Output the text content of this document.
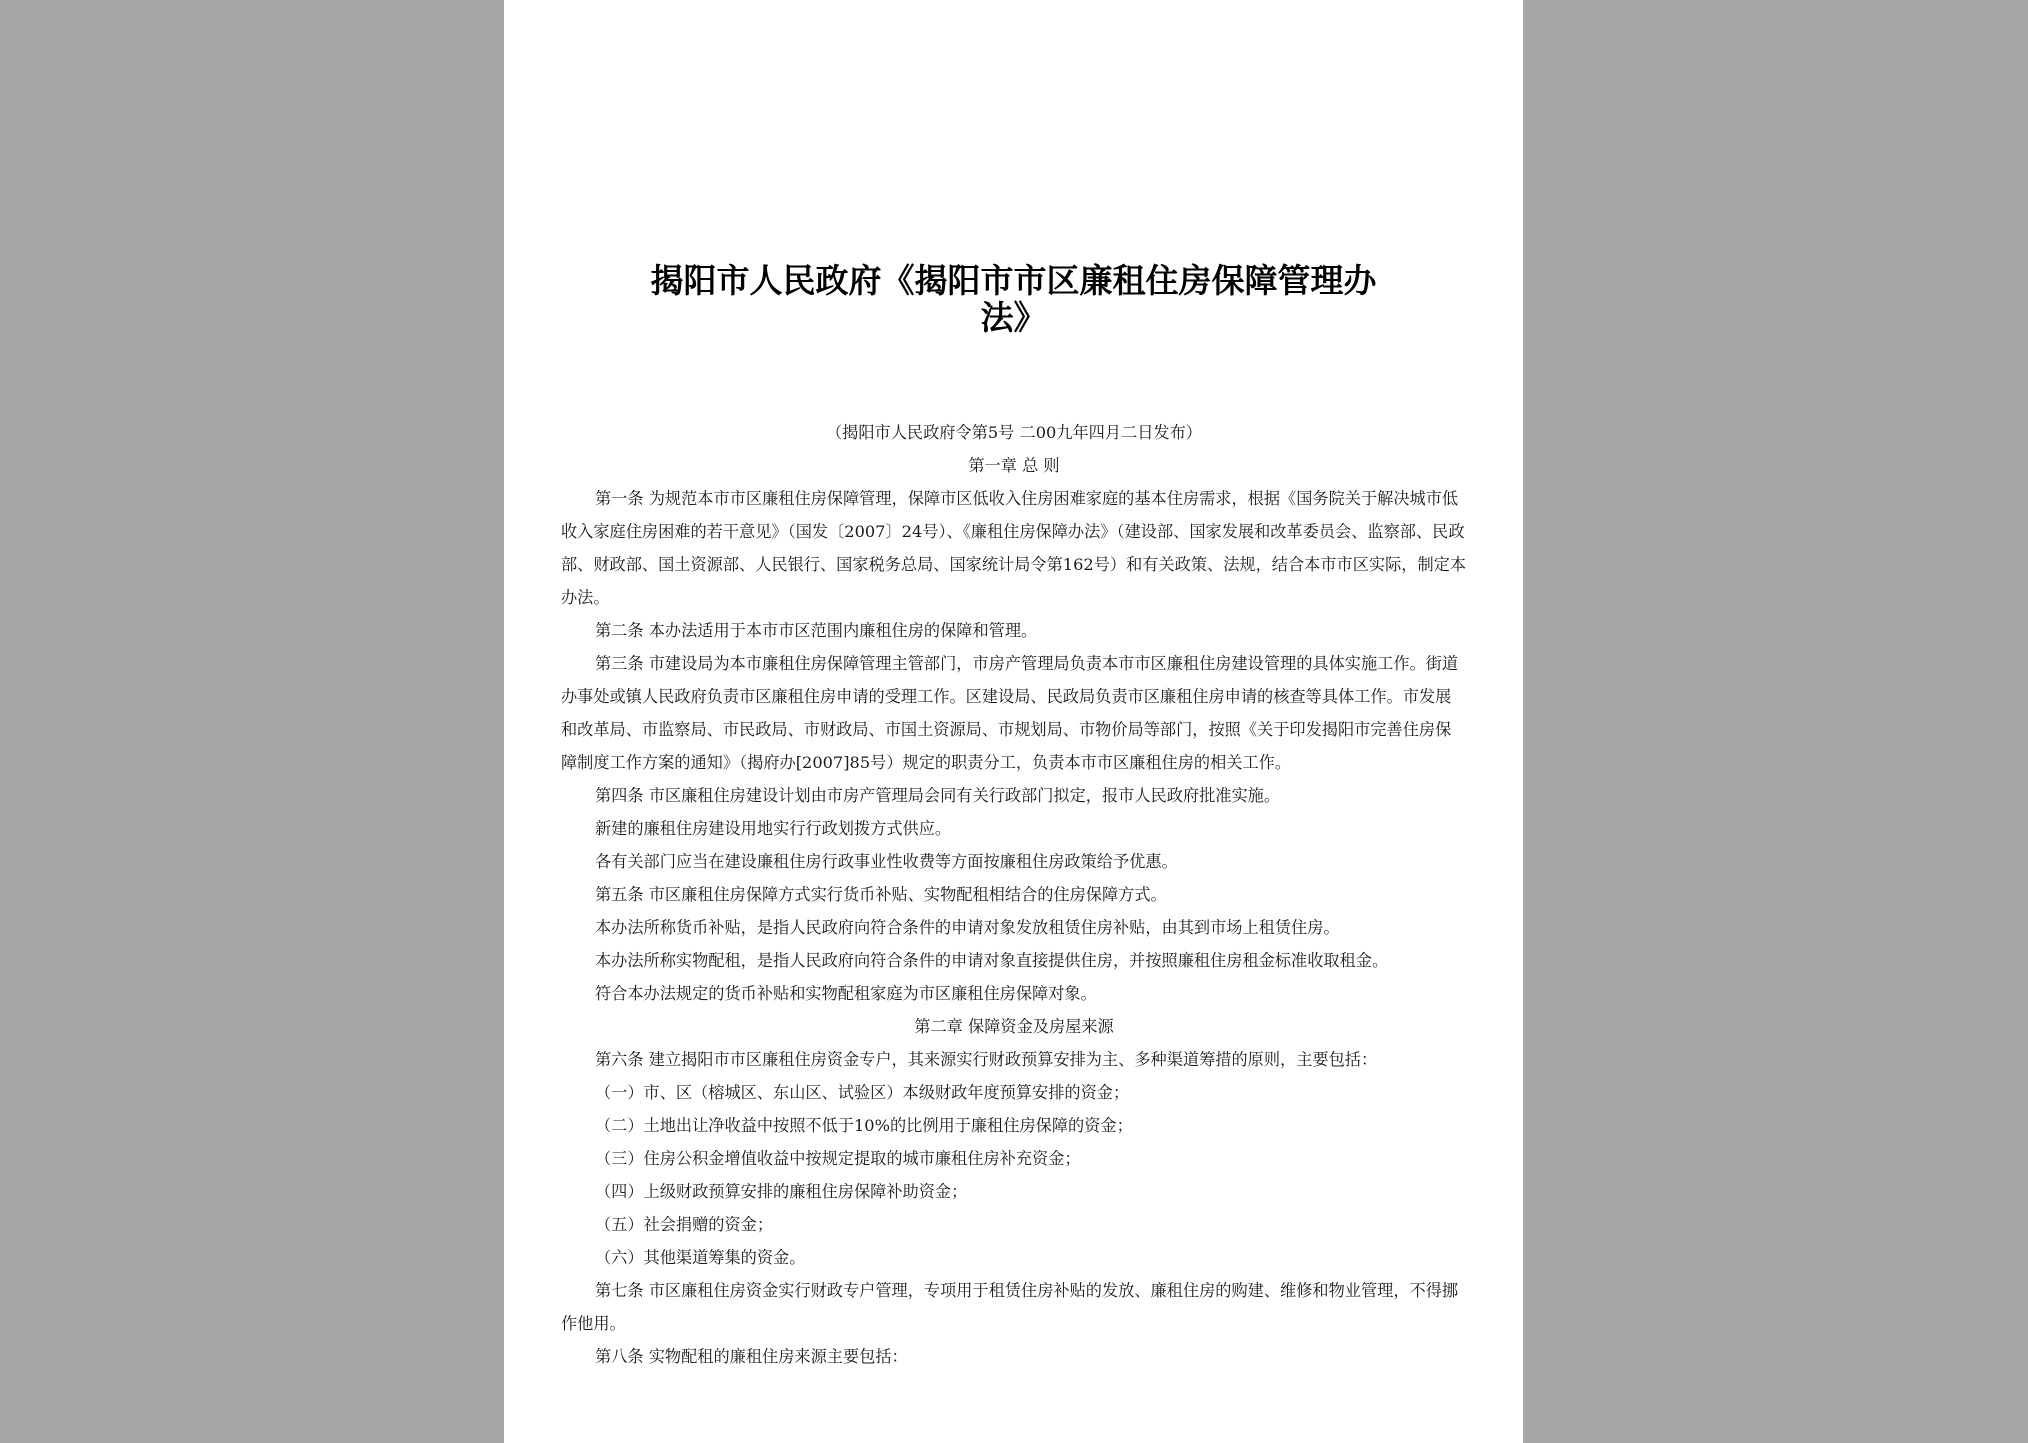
揭阳市人民政府《揭阳市市区廉租住房保障管理办
法》

（揭阳市人民政府令第5号 二00九年四月二日发布）

第一章 总 则

第一条 为规范本市市区廉租住房保障管理，保障市区低收入住房困难家庭的基本住房需求，根据《国务院关于解决城市低收入家庭住房困难的若干意见》（国发〔2007〕24号）、《廉租住房保障办法》（建设部、国家发展和改革委员会、监察部、民政部、财政部、国土资源部、人民银行、国家税务总局、国家统计局令第162号）和有关政策、法规，结合本市市区实际，制定本办法。

第二条 本办法适用于本市市区范围内廉租住房的保障和管理。

第三条 市建设局为本市廉租住房保障管理主管部门，市房产管理局负责本市市区廉租住房建设管理的具体实施工作。街道办事处或镇人民政府负责市区廉租住房申请的受理工作。区建设局、民政局负责市区廉租住房申请的核查等具体工作。市发展和改革局、市监察局、市民政局、市财政局、市国土资源局、市规划局、市物价局等部门，按照《关于印发揭阳市完善住房保障制度工作方案的通知》（揭府办[2007]85号）规定的职责分工，负责本市市区廉租住房的相关工作。

第四条 市区廉租住房建设计划由市房产管理局会同有关行政部门拟定，报市人民政府批准实施。

新建的廉租住房建设用地实行行政划拨方式供应。

各有关部门应当在建设廉租住房行政事业性收费等方面按廉租住房政策给予优惠。

第五条 市区廉租住房保障方式实行货币补贴、实物配租相结合的住房保障方式。

本办法所称货币补贴，是指人民政府向符合条件的申请对象发放租赁住房补贴，由其到市场上租赁住房。

本办法所称实物配租，是指人民政府向符合条件的申请对象直接提供住房，并按照廉租住房租金标准收取租金。

符合本办法规定的货币补贴和实物配租家庭为市区廉租住房保障对象。

第二章 保障资金及房屋来源

第六条 建立揭阳市市区廉租住房资金专户，其来源实行财政预算安排为主、多种渠道筹措的原则，主要包括：

（一）市、区（榕城区、东山区、试验区）本级财政年度预算安排的资金；

（二）土地出让净收益中按照不低于10%的比例用于廉租住房保障的资金；

（三）住房公积金增值收益中按规定提取的城市廉租住房补充资金；

（四）上级财政预算安排的廉租住房保障补助资金；

（五）社会捐赠的资金；

（六）其他渠道筹集的资金。

第七条 市区廉租住房资金实行财政专户管理，专项用于租赁住房补贴的发放、廉租住房的购建、维修和物业管理，不得挪作他用。

第八条 实物配租的廉租住房来源主要包括：
